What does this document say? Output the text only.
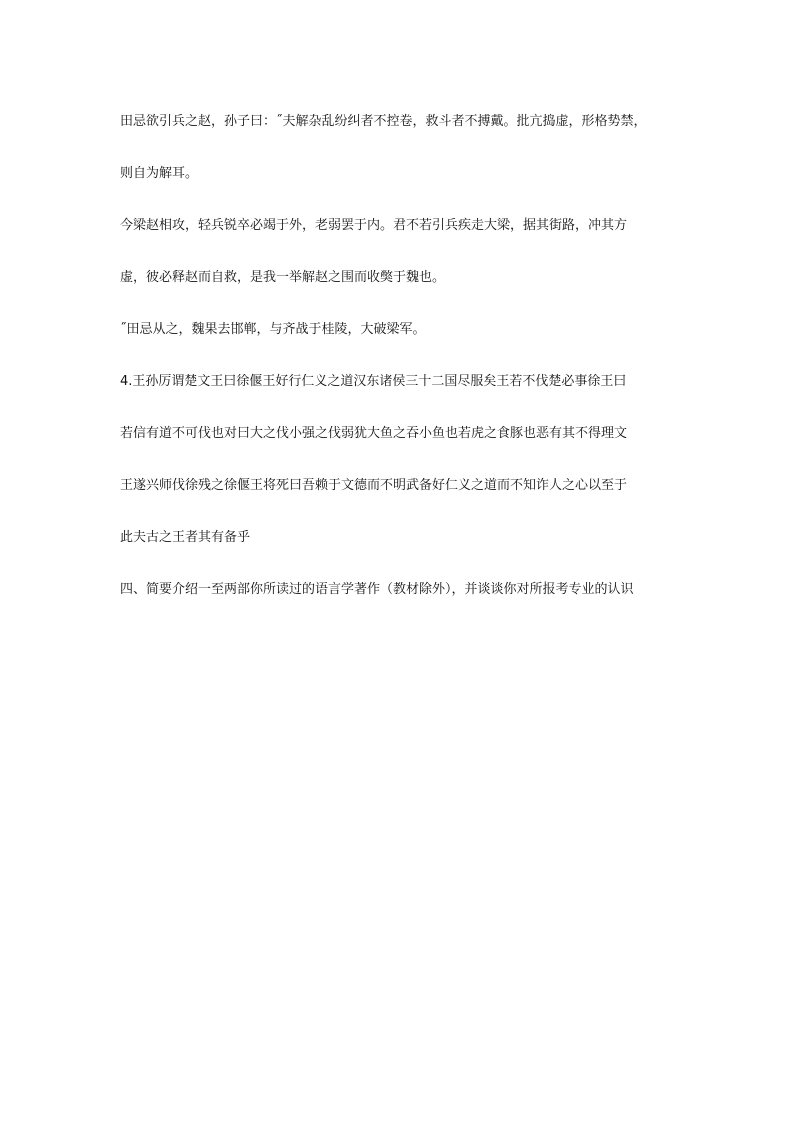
田忌欲引兵之赵，孙子曰：˝夫解杂乱纷纠者不控卷，救斗者不搏戴。批亢捣虚，形格势禁，
则自为解耳。
今梁赵相攻，轻兵锐卒必竭于外，老弱罢于内。君不若引兵疾走大梁，据其街路，冲其方
虚，彼必释赵而自救，是我一举解赵之围而收獘于魏也。
˝田忌从之，魏果去邯郸，与齐战于桂陵，大破梁军。
4.王孙厉谓楚文王曰徐偃王好行仁义之道汉东诸侯三十二国尽服矣王若不伐楚必事徐王曰
若信有道不可伐也对曰大之伐小强之伐弱犹大鱼之吞小鱼也若虎之食豚也恶有其不得理文
王遂兴师伐徐残之徐偃王将死曰吾赖于文德而不明武备好仁义之道而不知诈人之心以至于
此夫古之王者其有备乎
四、简要介绍一至两部你所读过的语言学著作（教材除外），并谈谈你对所报考专业的认识
